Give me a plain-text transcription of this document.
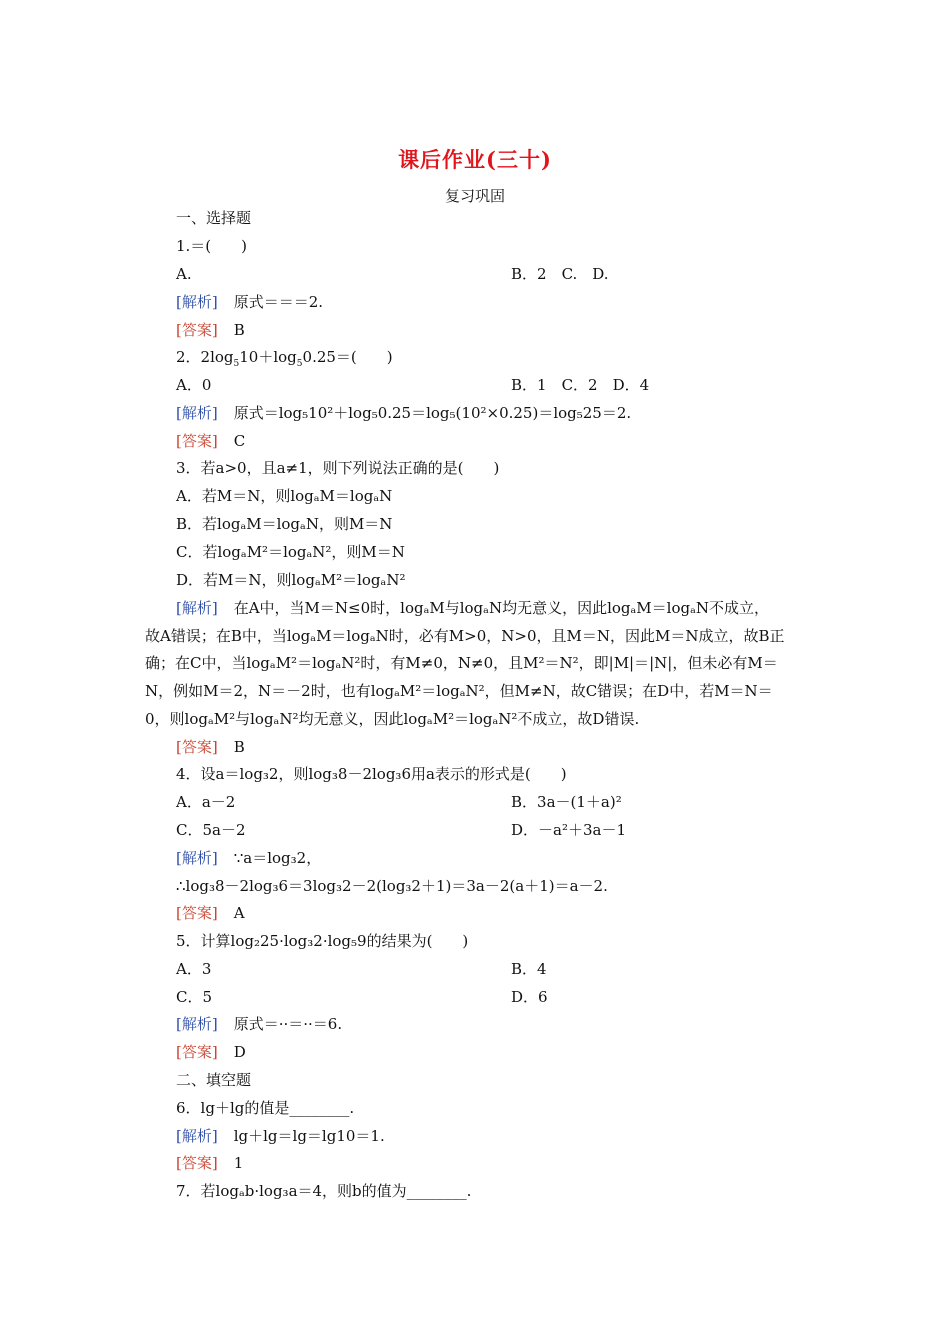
课后作业(三十)
复习巩固
一、选择题
1.＝(　　)
A.	B．2　C.　D.
[解析] 原式＝＝＝2.
[答案] B
2．$2\log_510+\log_50.25=$(　　)
A．0	B．1　C．2　D．4
[解析] 原式＝log₅10²＋log₅0.25＝log₅(10²×0.25)＝log₅25＝2.
[答案] C
3．若a>0，且a≠1，则下列说法正确的是(　　)
A．若M＝N，则logₐM＝logₐN
B．若logₐM＝logₐN，则M＝N
C．若logₐM²＝logₐN²，则M＝N
D．若M＝N，则logₐM²＝logₐN²
[解析] 在A中，当M＝N≤0时，logₐM与logₐN均无意义，因此logₐM＝logₐN不成立，
故A错误；在B中，当logₐM＝logₐN时，必有M>0，N>0，且M＝N，因此M＝N成立，故B正
确；在C中，当logₐM²＝logₐN²时，有M≠0，N≠0，且M²＝N²，即|M|＝|N|，但未必有M＝
N，例如M＝2，N＝－2时，也有logₐM²＝logₐN²，但M≠N，故C错误；在D中，若M＝N＝
0，则logₐM²与logₐN²均无意义，因此logₐM²＝logₐN²不成立，故D错误.
[答案] B
4．设a＝log₃2，则log₃8－2log₃6用a表示的形式是(　　)
A．a－2	B．3a－(1＋a)²
C．5a－2	D．－a²＋3a－1
[解析] ∵a＝log₃2，
∴log₃8－2log₃6＝3log₃2－2(log₃2＋1)＝3a－2(a＋1)＝a－2.
[答案] A
5．计算log₂25·log₃2·log₅9的结果为(　　)
A．3	B．4
C．5	D．6
[解析] 原式＝··＝··＝6.
[答案] D
二、填空题
6．lg＋lg的值是________.
[解析] lg＋lg＝lg＝lg10＝1.
[答案] 1
7．若logₐb·log₃a＝4，则b的值为________.
